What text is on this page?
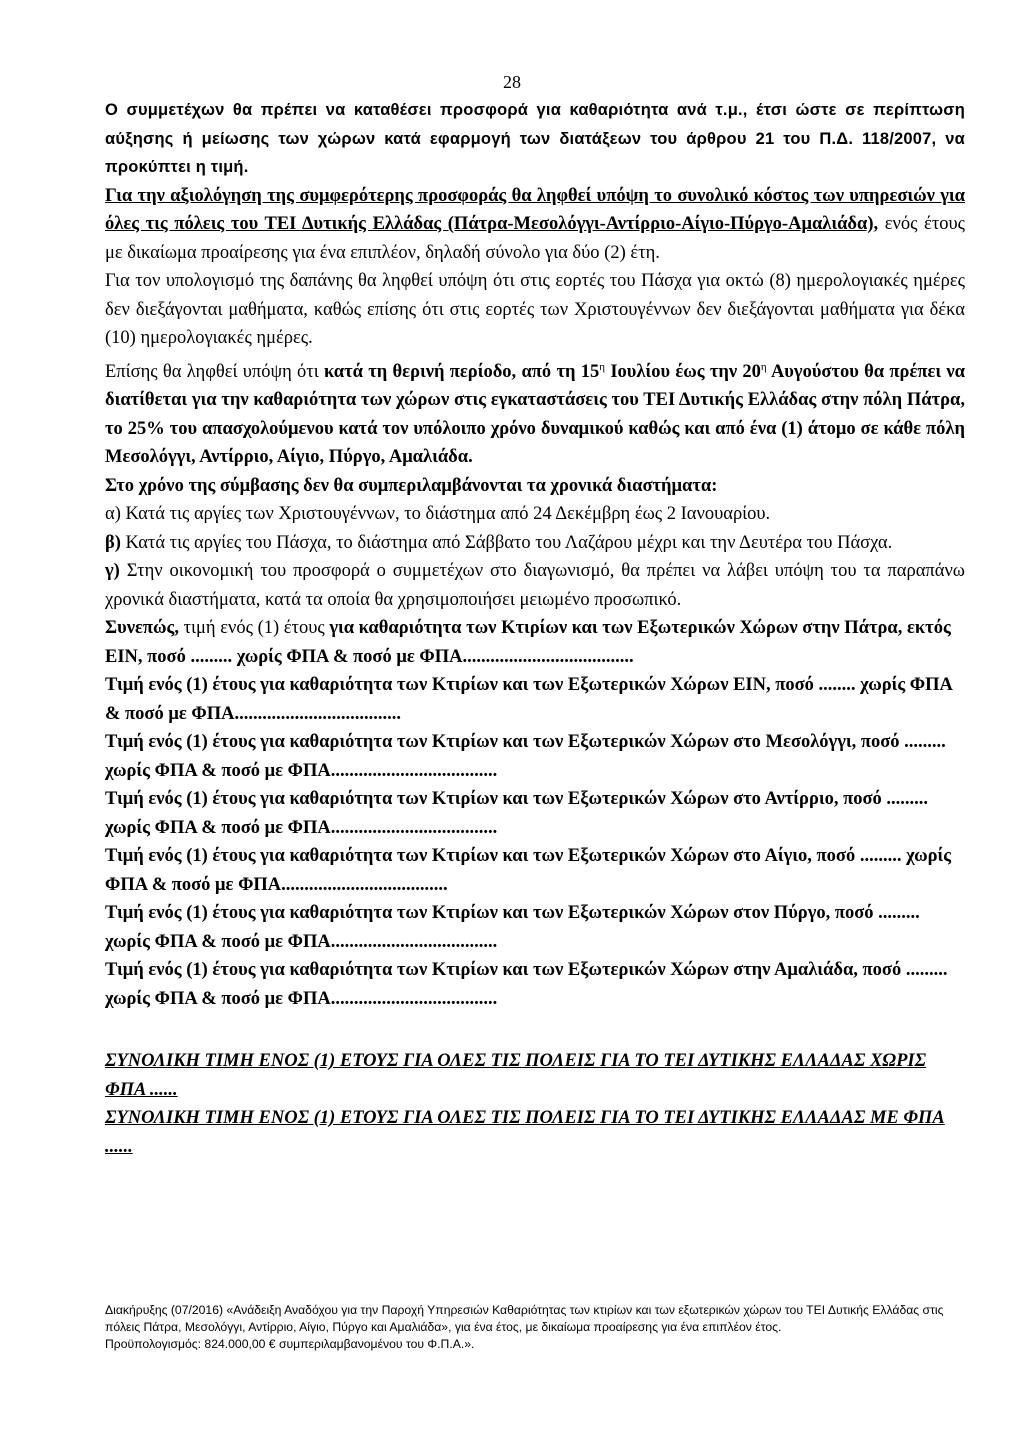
28

Ο συμμετέχων θα πρέπει να καταθέσει προσφορά για καθαριότητα ανά τ.μ., έτσι ώστε σε περίπτωση αύξησης ή μείωσης των χώρων κατά εφαρμογή των διατάξεων του άρθρου 21 του Π.Δ. 118/2007, να προκύπτει η τιμή.

Για την αξιολόγηση της συμφερότερης προσφοράς θα ληφθεί υπόψη το συνολικό κόστος των υπηρεσιών για όλες τις πόλεις του ΤΕΙ Δυτικής Ελλάδας (Πάτρα-Μεσολόγγι-Αντίρριο-Αίγιο-Πύργο-Αμαλιάδα), ενός έτους με δικαίωμα προαίρεσης για ένα επιπλέον, δηλαδή σύνολο για δύο (2) έτη.

Για τον υπολογισμό της δαπάνης θα ληφθεί υπόψη ότι στις εορτές του Πάσχα για οκτώ (8) ημερολογιακές ημέρες δεν διεξάγονται μαθήματα, καθώς επίσης ότι στις εορτές των Χριστουγέννων δεν διεξάγονται μαθήματα για δέκα (10) ημερολογιακές ημέρες.

Επίσης θα ληφθεί υπόψη ότι κατά τη θερινή περίοδο, από τη $15^\eta$ Ιουλίου έως την $20^\eta$ Αυγούστου θα πρέπει να διατίθεται για την καθαριότητα των χώρων στις εγκαταστάσεις του ΤΕΙ Δυτικής Ελλάδας στην πόλη Πάτρα, το 25% του απασχολούμενου κατά τον υπόλοιπο χρόνο δυναμικού καθώς και από ένα (1) άτομο σε κάθε πόλη Μεσολόγγι, Αντίρριο, Αίγιο, Πύργο, Αμαλιάδα.

Στο χρόνο της σύμβασης δεν θα συμπεριλαμβάνονται τα χρονικά διαστήματα:

α) Κατά τις αργίες των Χριστουγέννων, το διάστημα από 24 Δεκέμβρη έως 2 Ιανουαρίου.

β) Κατά τις αργίες του Πάσχα, το διάστημα από Σάββατο του Λαζάρου μέχρι και την Δευτέρα του Πάσχα.

γ) Στην οικονομική του προσφορά ο συμμετέχων στο διαγωνισμό, θα πρέπει να λάβει υπόψη του τα παραπάνω χρονικά διαστήματα, κατά τα οποία θα χρησιμοποιήσει μειωμένο προσωπικό.

Συνεπώς, τιμή ενός (1) έτους για καθαριότητα των Κτιρίων και των Εξωτερικών Χώρων στην Πάτρα, εκτός ΕΙΝ, ποσό ......... χωρίς ΦΠΑ & ποσό με ΦΠΑ.....................................

Τιμή ενός (1) έτους για καθαριότητα των Κτιρίων και των Εξωτερικών Χώρων ΕΙΝ, ποσό ........ χωρίς ΦΠΑ & ποσό με ΦΠΑ....................................

Τιμή ενός (1) έτους για καθαριότητα των Κτιρίων και των Εξωτερικών Χώρων στο Μεσολόγγι, ποσό ......... χωρίς ΦΠΑ & ποσό με ΦΠΑ....................................

Τιμή ενός (1) έτους για καθαριότητα των Κτιρίων και των Εξωτερικών Χώρων στο Αντίρριο, ποσό ......... χωρίς ΦΠΑ & ποσό με ΦΠΑ....................................

Τιμή ενός (1) έτους για καθαριότητα των Κτιρίων και των Εξωτερικών Χώρων στο Αίγιο, ποσό ......... χωρίς ΦΠΑ & ποσό με ΦΠΑ....................................

Τιμή ενός (1) έτους για καθαριότητα των Κτιρίων και των Εξωτερικών Χώρων στον Πύργο, ποσό ......... χωρίς ΦΠΑ & ποσό με ΦΠΑ....................................

Τιμή ενός (1) έτους για καθαριότητα των Κτιρίων και των Εξωτερικών Χώρων στην Αμαλιάδα, ποσό ......... χωρίς ΦΠΑ & ποσό με ΦΠΑ....................................

ΣΥΝΟΛΙΚΗ ΤΙΜΗ ΕΝΟΣ (1) ΕΤΟΥΣ ΓΙΑ ΟΛΕΣ ΤΙΣ ΠΟΛΕΙΣ ΓΙΑ ΤΟ ΤΕΙ ΔΥΤΙΚΗΣ ΕΛΛΑΔΑΣ ΧΩΡΙΣ ΦΠΑ ......

ΣΥΝΟΛΙΚΗ ΤΙΜΗ ΕΝΟΣ (1) ΕΤΟΥΣ ΓΙΑ ΟΛΕΣ ΤΙΣ ΠΟΛΕΙΣ ΓΙΑ ΤΟ ΤΕΙ ΔΥΤΙΚΗΣ ΕΛΛΑΔΑΣ ΜΕ ΦΠΑ ......

Διακήρυξης (07/2016) «Ανάδειξη Αναδόχου για την Παροχή Υπηρεσιών Καθαριότητας των κτιρίων και των εξωτερικών χώρων του ΤΕΙ Δυτικής Ελλάδας στις πόλεις Πάτρα, Μεσολόγγι, Αντίρριο, Αίγιο, Πύργο και Αμαλιάδα», για ένα έτος, με δικαίωμα προαίρεσης για ένα επιπλέον έτος.

Προϋπολογισμός: 824.000,00 € συμπεριλαμβανομένου του Φ.Π.Α.».
